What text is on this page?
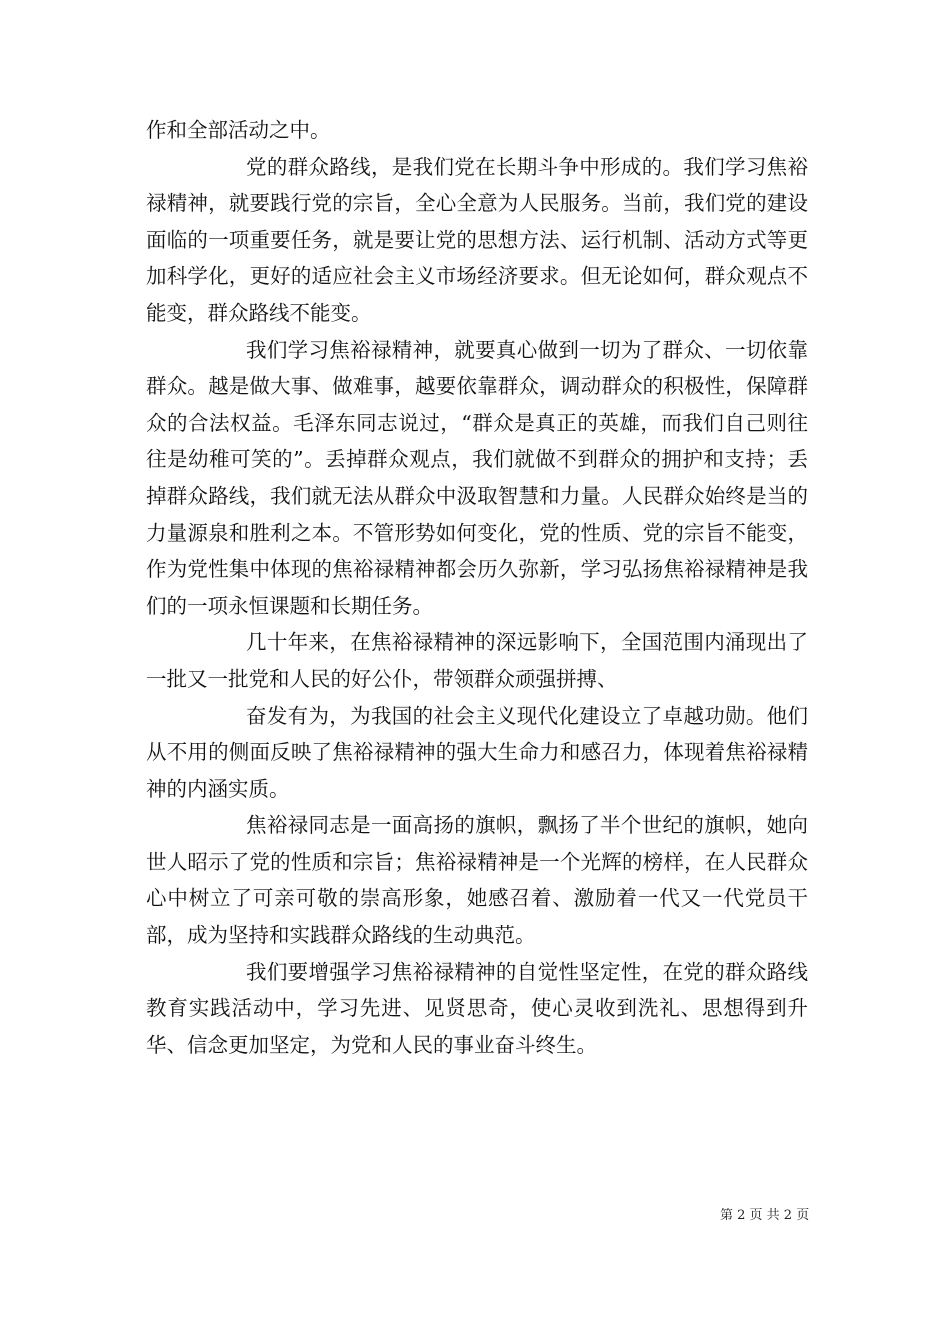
作和全部活动之中。

党的群众路线，是我们党在长期斗争中形成的。我们学习焦裕禄精神，就要践行党的宗旨，全心全意为人民服务。当前，我们党的建设面临的一项重要任务，就是要让党的思想方法、运行机制、活动方式等更加科学化，更好的适应社会主义市场经济要求。但无论如何，群众观点不能变，群众路线不能变。

我们学习焦裕禄精神，就要真心做到一切为了群众、一切依靠群众。越是做大事、做难事，越要依靠群众，调动群众的积极性，保障群众的合法权益。毛泽东同志说过，“群众是真正的英雄，而我们自己则往往是幼稚可笑的”。丢掉群众观点，我们就做不到群众的拥护和支持；丢掉群众路线，我们就无法从群众中汲取智慧和力量。人民群众始终是当的力量源泉和胜利之本。不管形势如何变化，党的性质、党的宗旨不能变，作为党性集中体现的焦裕禄精神都会历久弥新，学习弘扬焦裕禄精神是我们的一项永恒课题和长期任务。

几十年来，在焦裕禄精神的深远影响下，全国范围内涌现出了一批又一批党和人民的好公仆，带领群众顽强拼搏、

奋发有为，为我国的社会主义现代化建设立了卓越功勋。他们从不用的侧面反映了焦裕禄精神的强大生命力和感召力，体现着焦裕禄精神的内涵实质。

焦裕禄同志是一面高扬的旗帜，飘扬了半个世纪的旗帜，她向世人昭示了党的性质和宗旨；焦裕禄精神是一个光辉的榜样，在人民群众心中树立了可亲可敬的崇高形象，她感召着、激励着一代又一代党员干部，成为坚持和实践群众路线的生动典范。

我们要增强学习焦裕禄精神的自觉性坚定性，在党的群众路线教育实践活动中，学习先进、见贤思奇，使心灵收到洗礼、思想得到升华、信念更加坚定，为党和人民的事业奋斗终生。

第 2 页 共 2 页
